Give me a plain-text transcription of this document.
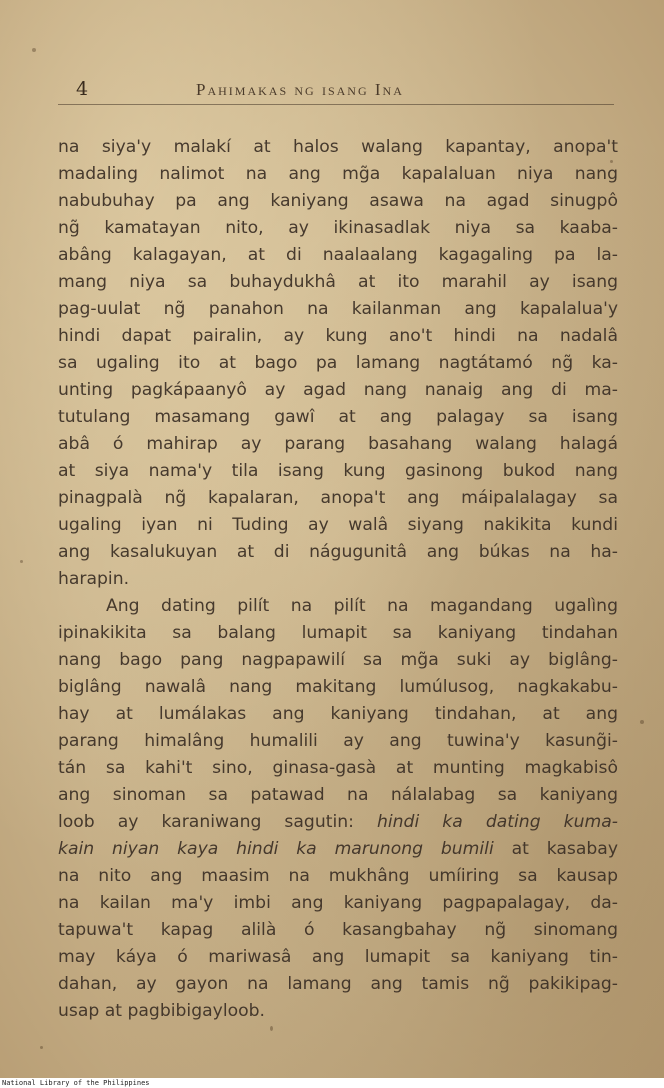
4	Pahimakas ng isang Ina
na siya'y malakí at halos walang kapantay, anopa't
madaling nalimot na ang mg̃a kapalaluan niya nang
nabubuhay pa ang kaniyang asawa na agad sinugpô
ng̃ kamatayan nito, ay ikinasadlak niya sa kaaba-
abâng kalagayan, at di naalaalang kagagaling pa la-
mang niya sa buhaydukhâ at ito marahil ay isang
pag-uulat ng̃ panahon na kailanman ang kapalalua'y
hindi dapat pairalin, ay kung ano't hindi na nadalâ
sa ugaling ito at bago pa lamang nagtátamó ng̃ ka-
unting pagkápaanyô ay agad nang nanaig ang di ma-
tutulang masamang gawî at ang palagay sa isang
abâ ó mahirap ay parang basahang walang halagá
at siya nama'y tila isang kung gasinong bukod nang
pinagpalà ng̃ kapalaran, anopa't ang máipalalagay sa
ugaling iyan ni Tuding ay walâ siyang nakikita kundi
ang kasalukuyan at di nágugunitâ ang búkas na ha-
harapin.
Ang dating pilít na pilít na magandang ugalìng
ipinakikita sa balang lumapit sa kaniyang tindahan
nang bago pang nagpapawilí sa mg̃a suki ay biglâng-
biglâng nawalâ nang makitang lumúlusog, nagkakabu-
hay at lumálakas ang kaniyang tindahan, at ang
parang himalâng humalili ay ang tuwina'y kasung̃i-
tán sa kahi't sino, ginasa-gasà at munting magkabisô
ang sinoman sa patawad na nálalabag sa kaniyang
loob ay karaniwang sagutin: hindi ka dating kuma-
kain niyan kaya hindi ka marunong bumili at kasabay
na nito ang maasim na mukhâng umíiring sa kausap
na kailan ma'y imbi ang kaniyang pagpapalagay, da-
tapuwa't kapag alilà ó kasangbahay ng̃ sinomang
may káya ó mariwasâ ang lumapit sa kaniyang tin-
dahan, ay gayon na lamang ang tamis ng̃ pakikipag-
usap at pagbibigayloob.
National Library of the Philippines
